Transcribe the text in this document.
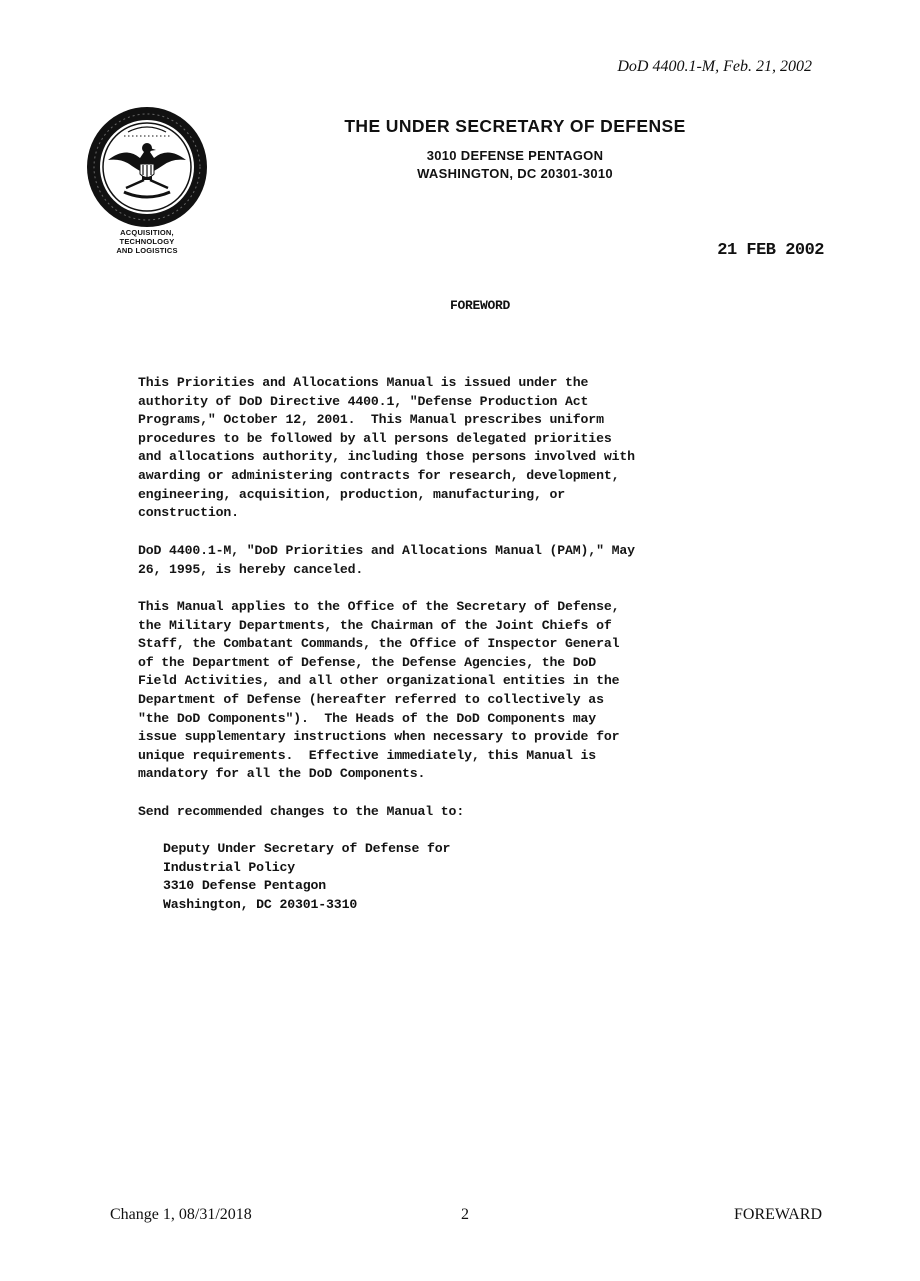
DoD 4400.1-M, Feb. 21, 2002
ACQUISITION,
TECHNOLOGY
AND LOGISTICS
THE UNDER SECRETARY OF DEFENSE
3010 DEFENSE PENTAGON
WASHINGTON, DC 20301-3010
21 FEB 2002
FOREWORD

This Priorities and Allocations Manual is issued under the
authority of DoD Directive 4400.1, "Defense Production Act
Programs," October 12, 2001.  This Manual prescribes uniform
procedures to be followed by all persons delegated priorities
and allocations authority, including those persons involved with
awarding or administering contracts for research, development,
engineering, acquisition, production, manufacturing, or
construction.

DoD 4400.1-M, "DoD Priorities and Allocations Manual (PAM)," May
26, 1995, is hereby canceled.

This Manual applies to the Office of the Secretary of Defense,
the Military Departments, the Chairman of the Joint Chiefs of
Staff, the Combatant Commands, the Office of Inspector General
of the Department of Defense, the Defense Agencies, the DoD
Field Activities, and all other organizational entities in the
Department of Defense (hereafter referred to collectively as
"the DoD Components").  The Heads of the DoD Components may
issue supplementary instructions when necessary to provide for
unique requirements.  Effective immediately, this Manual is
mandatory for all the DoD Components.

Send recommended changes to the Manual to:

Deputy Under Secretary of Defense for
Industrial Policy
3310 Defense Pentagon
Washington, DC 20301-3310
Change 1, 08/31/2018	2	FOREWARD
